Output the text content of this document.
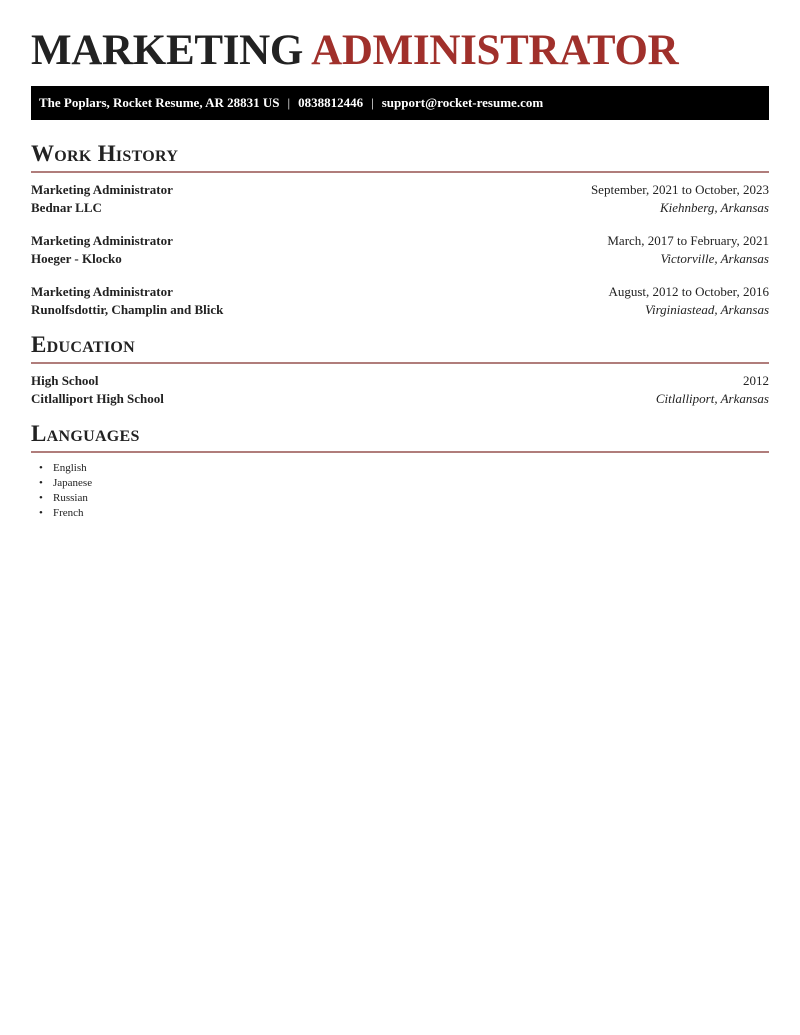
MARKETING ADMINISTRATOR
The Poplars, Rocket Resume, AR 28831 US | 0838812446 | support@rocket-resume.com
Work History
Marketing Administrator	September, 2021 to October, 2023
Bednar LLC	Kiehnberg, Arkansas
Marketing Administrator	March, 2017 to February, 2021
Hoeger - Klocko	Victorville, Arkansas
Marketing Administrator	August, 2012 to October, 2016
Runolfsdottir, Champlin and Blick	Virginiastead, Arkansas
Education
High School	2012
Citlalliport High School	Citlalliport, Arkansas
Languages
• English
• Japanese
• Russian
• French
